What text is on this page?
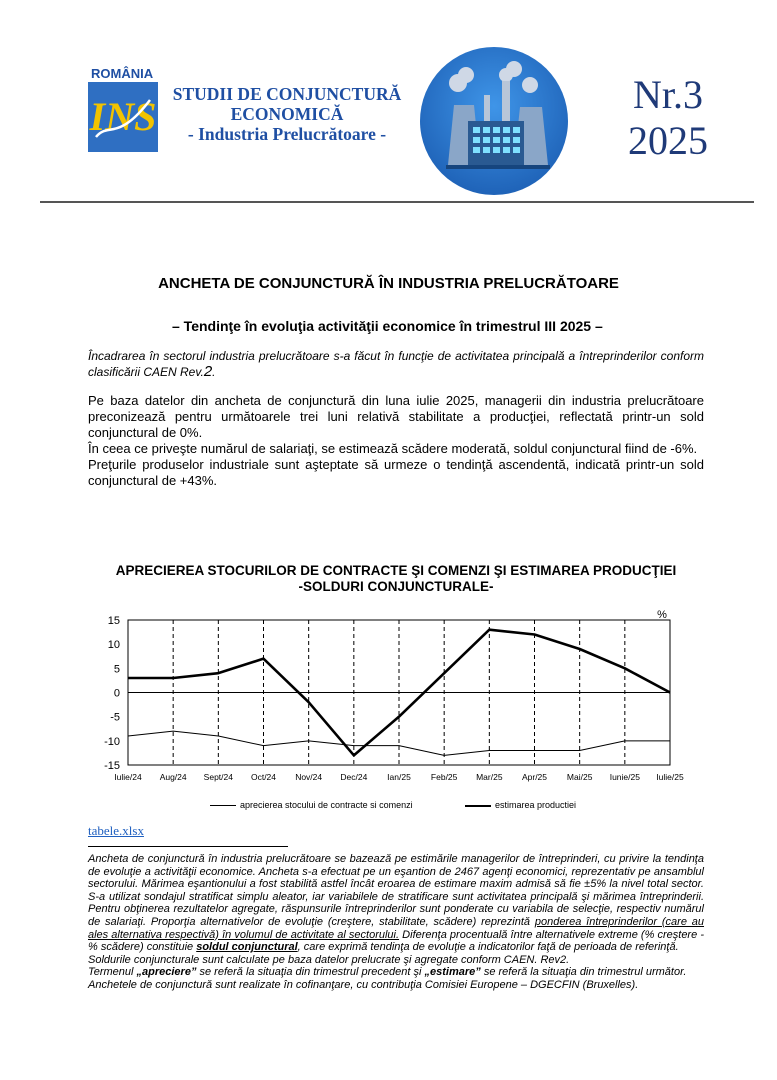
ROMÂNIA
INS STUDII DE CONJUNCTURĂ
ECONOMICĂ
- Industria Prelucrătoare -
Nr.3
2025
ANCHETA DE CONJUNCTURĂ ÎN INDUSTRIA PRELUCRĂTOARE
– Tendinţe în evoluţia activităţii economice în trimestrul III 2025 –
Încadrarea în sectorul industria prelucrătoare s-a făcut în funcţie de activitatea principală a întreprinderilor conform clasificării CAEN Rev.2.

Pe baza datelor din ancheta de conjunctură din luna iulie 2025, managerii din industria prelucrătoare preconizează pentru următoarele trei luni relativă stabilitate a producţiei, reflectată printr-un sold conjunctural de 0%.

În ceea ce priveşte numărul de salariaţi, se estimează scădere moderată, soldul conjunctural fiind de -6%.

Preţurile produselor industriale sunt aşteptate să urmeze o tendinţă ascendentă, indicată printr-un sold conjunctural de +43%.

APRECIEREA STOCURILOR DE CONTRACTE ŞI COMENZI ŞI ESTIMAREA PRODUCŢIEI
-SOLDURI CONJUNCTURALE-
15
10
5
0
-5
-10
-15
Iulie/24 Aug/24 Sept/24 Oct/24 Nov/24 Dec/24 Ian/25 Feb/25 Mar/25 Apr/25 Mai/25 Iunie/25 Iulie/25
%
aprecierea stocului de contracte si comenzi	estimarea productiei
tabele.xlsx

Ancheta de conjunctură în industria prelucrătoare se bazează pe estimările managerilor de întreprinderi, cu privire la tendinţa de evoluţie a activităţii economice. Ancheta s-a efectuat pe un eşantion de 2467 agenţi economici, reprezentativ pe ansamblul sectorului. Mărimea eşantionului a fost stabilită astfel încât eroarea de estimare maxim admisă să fie ±5% la nivel total sector. S-a utilizat sondajul stratificat simplu aleator, iar variabilele de stratificare sunt activitatea principală şi mărimea întreprinderii. Pentru obţinerea rezultatelor agregate, răspunsurile întreprinderilor sunt ponderate cu variabila de selecţie, respectiv numărul de salariaţi. Proporţia alternativelor de evoluţie (creştere, stabilitate, scădere) reprezintă ponderea întreprinderilor (care au ales alternativa respectivă) în volumul de activitate al sectorului. Diferenţa procentuală între alternativele extreme (% creştere - % scădere) constituie soldul conjunctural, care exprimă tendinţa de evoluţie a indicatorilor faţă de perioada de referinţă.

Soldurile conjuncturale sunt calculate pe baza datelor prelucrate şi agregate conform CAEN. Rev2.

Termenul „apreciere” se referă la situaţia din trimestrul precedent şi „estimare” se referă la situaţia din trimestrul următor.

Anchetele de conjunctură sunt realizate în cofinanţare, cu contribuţia Comisiei Europene – DGECFIN (Bruxelles).
